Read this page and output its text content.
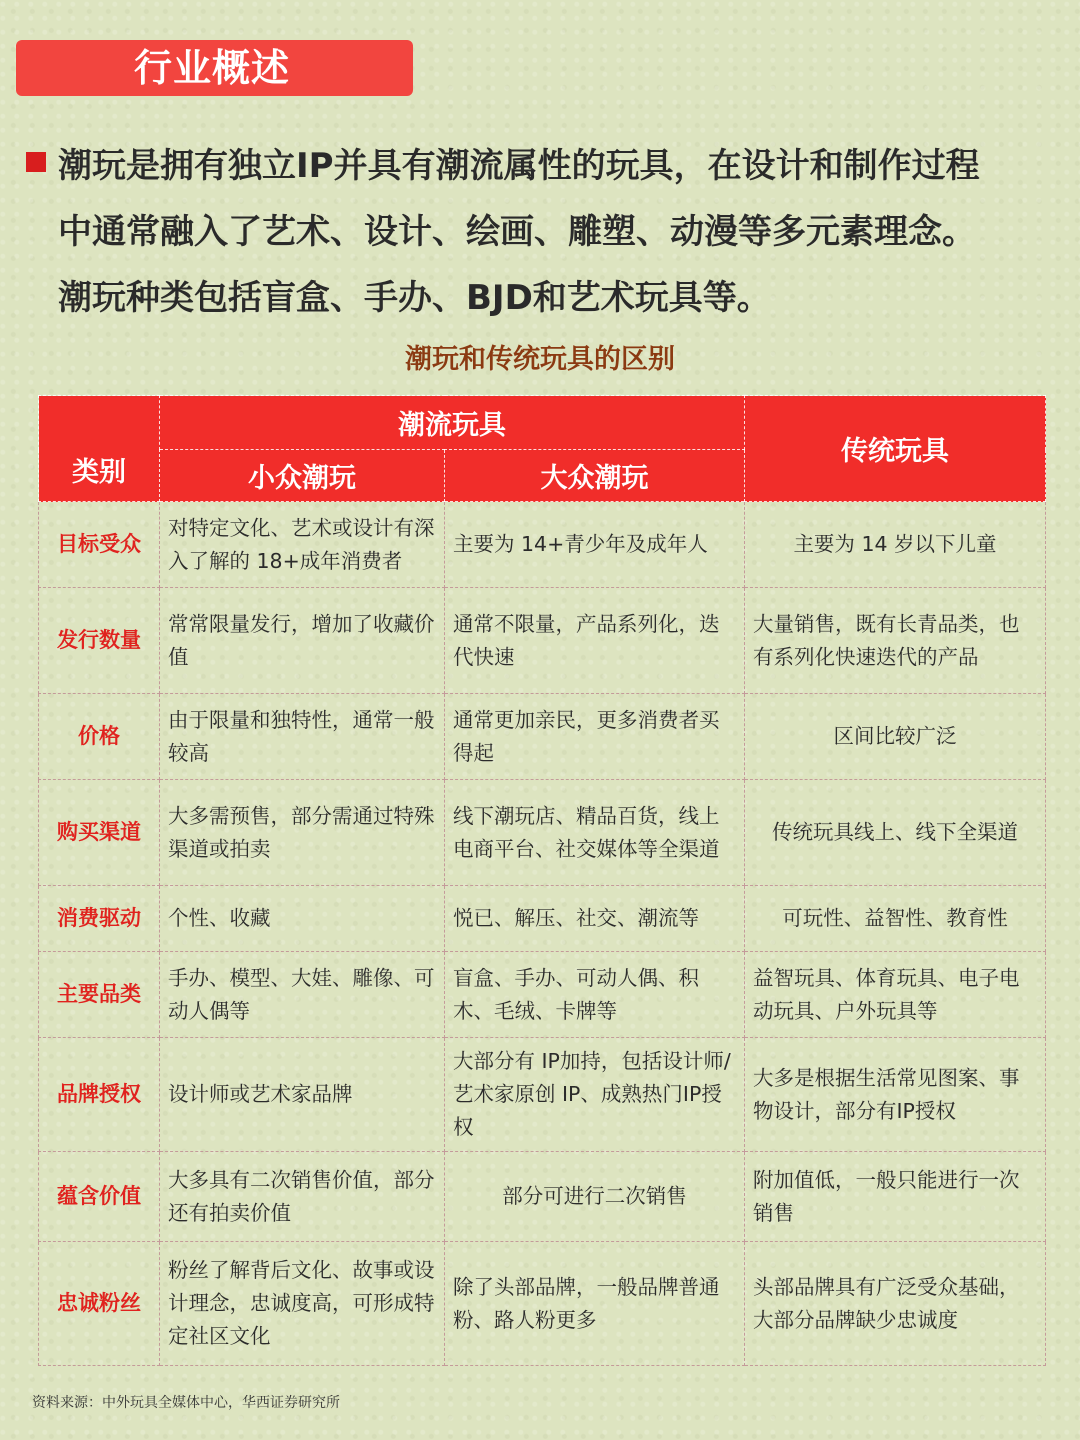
行业概述
潮玩是拥有独立IP并具有潮流属性的玩具，在设计和制作过程
中通常融入了艺术、设计、绘画、雕塑、动漫等多元素理念。
潮玩种类包括盲盒、手办、BJD和艺术玩具等。
潮玩和传统玩具的区别
类别	潮流玩具		传统玩具
	小众潮玩	大众潮玩	
目标受众	对特定文化、艺术或设计有深入了解的 18+成年消费者	主要为 14+青少年及成年人	主要为 14 岁以下儿童
发行数量	常常限量发行，增加了收藏价值	通常不限量，产品系列化，迭代快速	大量销售，既有长青品类，也有系列化快速迭代的产品
价格	由于限量和独特性，通常一般较高	通常更加亲民，更多消费者买得起	区间比较广泛
购买渠道	大多需预售，部分需通过特殊渠道或拍卖	线下潮玩店、精品百货，线上电商平台、社交媒体等全渠道	传统玩具线上、线下全渠道
消费驱动	个性、收藏	悦已、解压、社交、潮流等	可玩性、益智性、教育性
主要品类	手办、模型、大娃、雕像、可动人偶等	盲盒、手办、可动人偶、积木、毛绒、卡牌等	益智玩具、体育玩具、电子电动玩具、户外玩具等
品牌授权	设计师或艺术家品牌	大部分有 IP加持，包括设计师/艺术家原创 IP、成熟热门IP授权	大多是根据生活常见图案、事物设计，部分有IP授权
蕴含价值	大多具有二次销售价值，部分还有拍卖价值	部分可进行二次销售	附加值低，一般只能进行一次销售
忠诚粉丝	粉丝了解背后文化、故事或设计理念，忠诚度高，可形成特定社区文化	除了头部品牌，一般品牌普通粉、路人粉更多	头部品牌具有广泛受众基础，大部分品牌缺少忠诚度
资料来源：中外玩具全媒体中心，华西证券研究所
